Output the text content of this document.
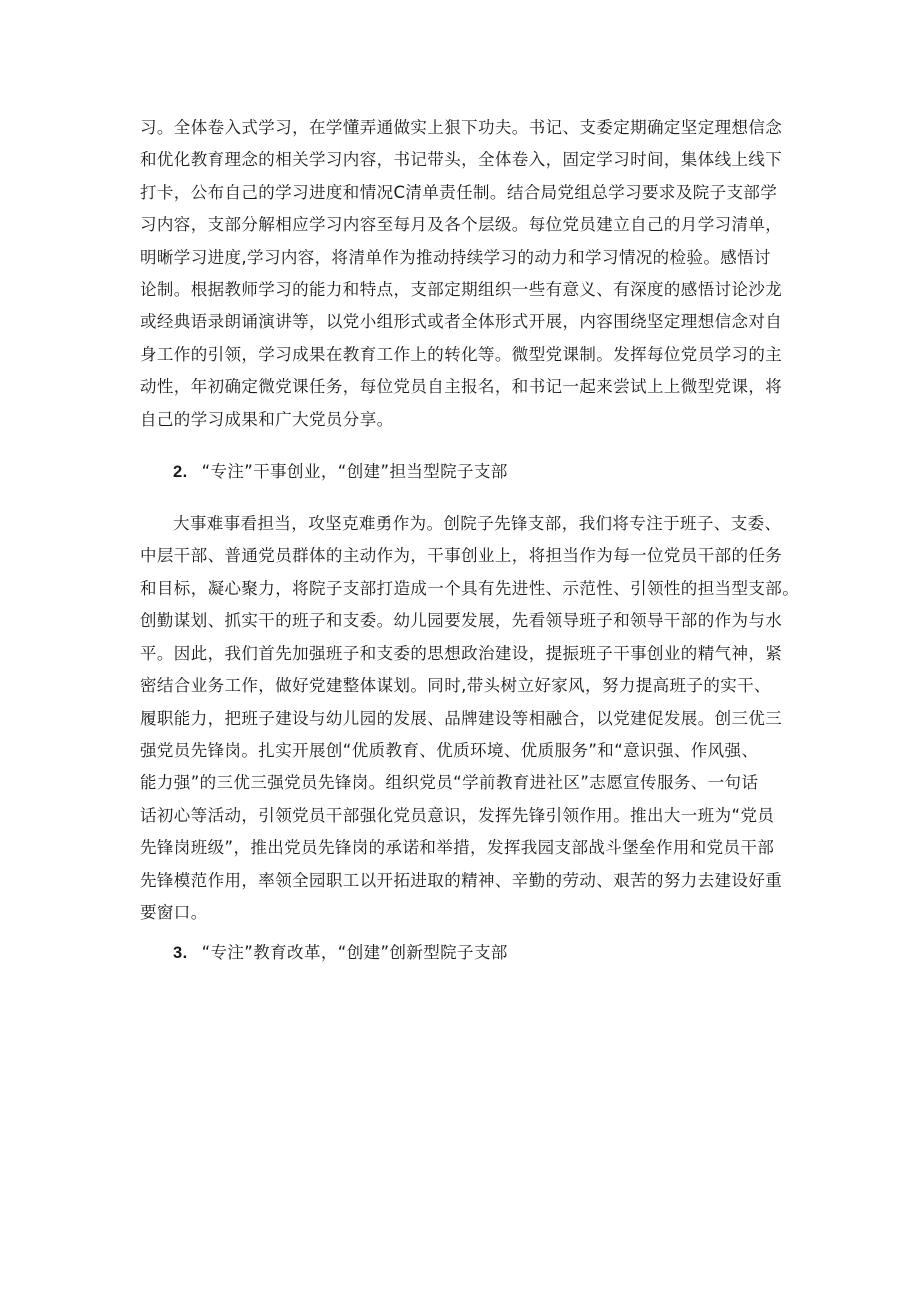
习。全体卷入式学习，在学懂弄通做实上狠下功夫。书记、支委定期确定坚定理想信念
和优化教育理念的相关学习内容，书记带头，全体卷入，固定学习时间，集体线上线下
打卡，公布自己的学习进度和情况C清单责任制。结合局党组总学习要求及院子支部学
习内容，支部分解相应学习内容至每月及各个层级。每位党员建立自己的月学习清单，
明晰学习进度,学习内容，将清单作为推动持续学习的动力和学习情况的检验。感悟讨
论制。根据教师学习的能力和特点，支部定期组织一些有意义、有深度的感悟讨论沙龙
或经典语录朗诵演讲等，以党小组形式或者全体形式开展，内容围绕坚定理想信念对自
身工作的引领，学习成果在教育工作上的转化等。微型党课制。发挥每位党员学习的主
动性，年初确定微党课任务，每位党员自主报名，和书记一起来尝试上上微型党课，将
自己的学习成果和广大党员分享。
2. “专注”干事创业，“创建”担当型院子支部
大事难事看担当，攻坚克难勇作为。创院子先锋支部，我们将专注于班子、支委、
中层干部、普通党员群体的主动作为，干事创业上，将担当作为每一位党员干部的任务
和目标，凝心聚力，将院子支部打造成一个具有先进性、示范性、引领性的担当型支部。
创勤谋划、抓实干的班子和支委。幼儿园要发展，先看领导班子和领导干部的作为与水
平。因此，我们首先加强班子和支委的思想政治建设，提振班子干事创业的精气神，紧
密结合业务工作，做好党建整体谋划。同时,带头树立好家风，努力提高班子的实干、
履职能力，把班子建设与幼儿园的发展、品牌建设等相融合，以党建促发展。创三优三
强党员先锋岗。扎实开展创“优质教育、优质环境、优质服务”和“意识强、作风强、
能力强”的三优三强党员先锋岗。组织党员“学前教育进社区”志愿宣传服务、一句话
话初心等活动，引领党员干部强化党员意识，发挥先锋引领作用。推出大一班为“党员
先锋岗班级”，推出党员先锋岗的承诺和举措，发挥我园支部战斗堡垒作用和党员干部
先锋模范作用，率领全园职工以开拓进取的精神、辛勤的劳动、艰苦的努力去建设好重
要窗口。
3. “专注”教育改革，“创建”创新型院子支部
